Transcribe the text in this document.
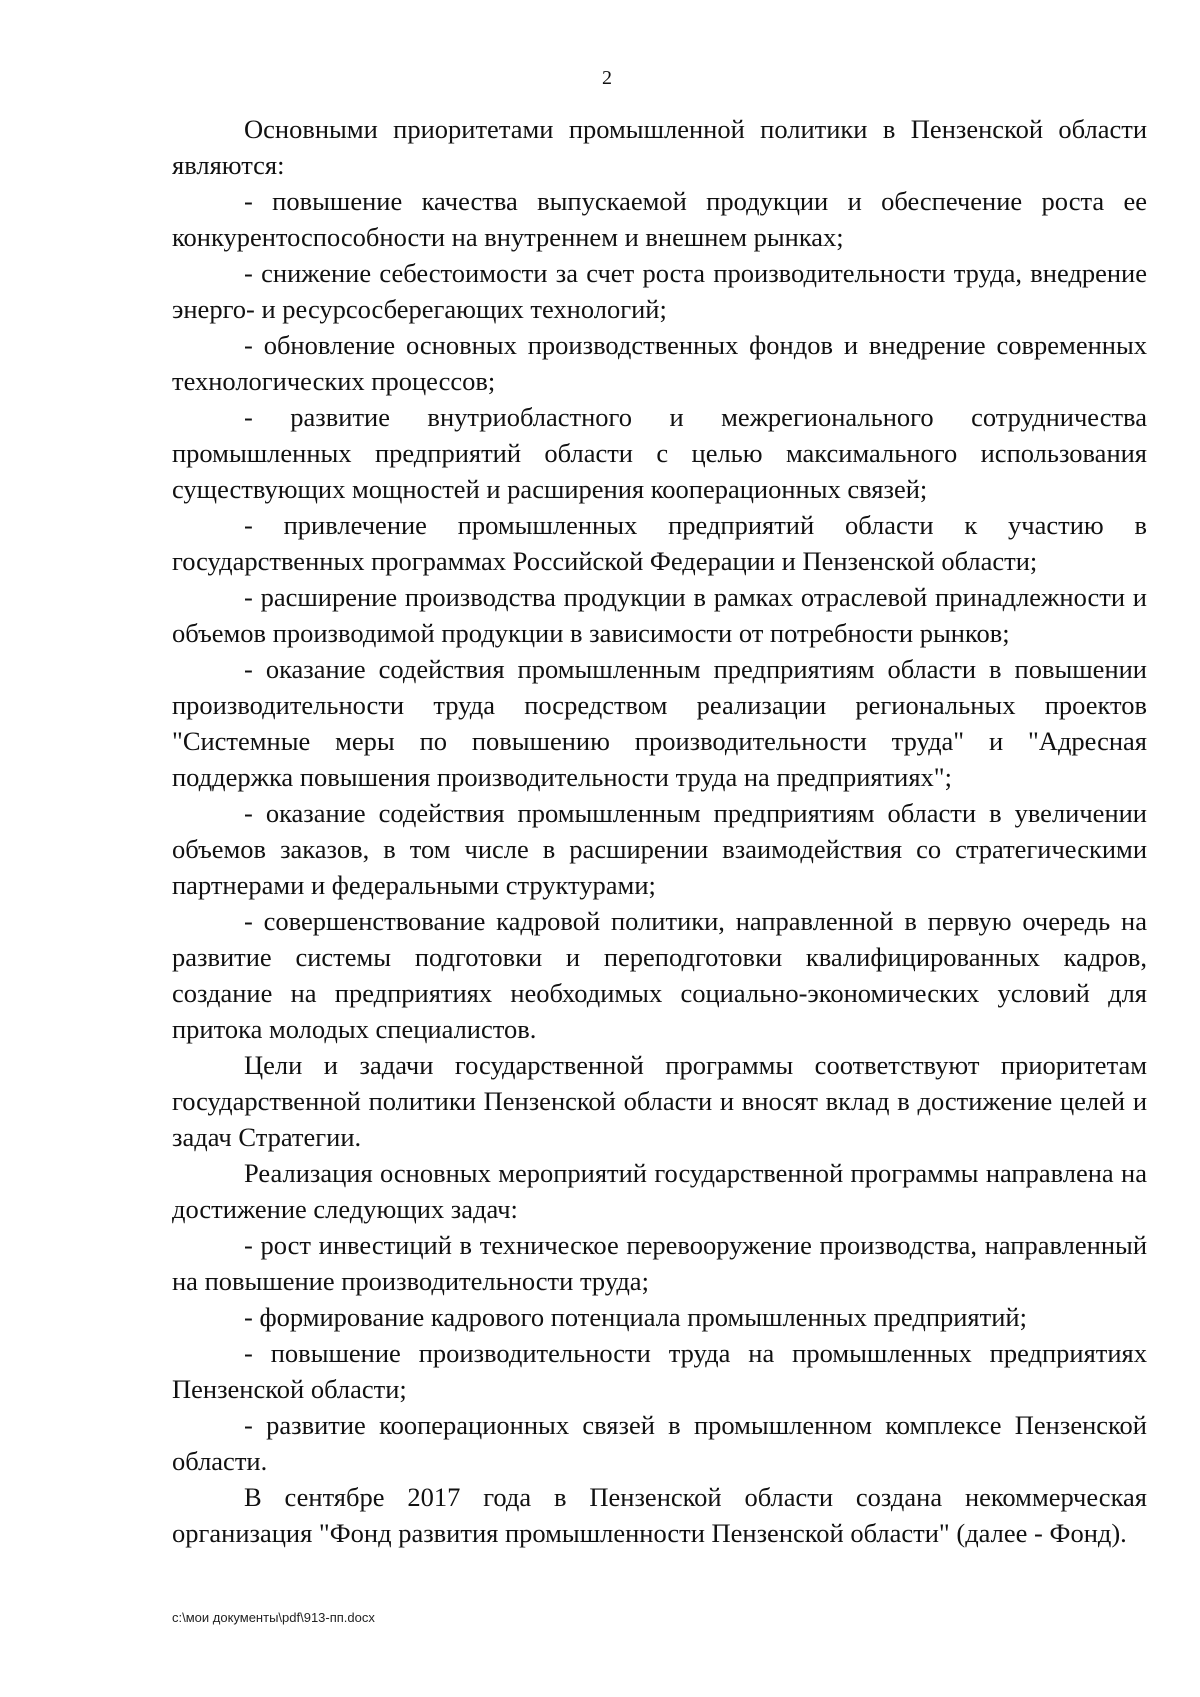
2

Основными приоритетами промышленной политики в Пензенской области являются:

- повышение качества выпускаемой продукции и обеспечение роста ее конкурентоспособности на внутреннем и внешнем рынках;

- снижение себестоимости за счет роста производительности труда, внедрение энерго- и ресурсосберегающих технологий;

- обновление основных производственных фондов и внедрение современных технологических процессов;

- развитие внутриобластного и межрегионального сотрудничества промышленных предприятий области с целью максимального использования существующих мощностей и расширения кооперационных связей;

- привлечение промышленных предприятий области к участию в государственных программах Российской Федерации и Пензенской области;

- расширение производства продукции в рамках отраслевой принадлежности и объемов производимой продукции в зависимости от потребности рынков;

- оказание содействия промышленным предприятиям области в повышении производительности труда посредством реализации региональных проектов "Системные меры по повышению производительности труда" и "Адресная поддержка повышения производительности труда на предприятиях";

- оказание содействия промышленным предприятиям области в увеличении объемов заказов, в том числе в расширении взаимодействия со стратегическими партнерами и федеральными структурами;

- совершенствование кадровой политики, направленной в первую очередь на развитие системы подготовки и переподготовки квалифицированных кадров, создание на предприятиях необходимых социально-экономических условий для притока молодых специалистов.

Цели и задачи государственной программы соответствуют приоритетам государственной политики Пензенской области и вносят вклад в достижение целей и задач Стратегии.

Реализация основных мероприятий государственной программы направлена на достижение следующих задач:

- рост инвестиций в техническое перевооружение производства, направленный на повышение производительности труда;

- формирование кадрового потенциала промышленных предприятий;

- повышение производительности труда на промышленных предприятиях Пензенской области;

- развитие кооперационных связей в промышленном комплексе Пензенской области.

В сентябре 2017 года в Пензенской области создана некоммерческая организация "Фонд развития промышленности Пензенской области" (далее - Фонд).

c:\мои документы\pdf\913-пп.docx
